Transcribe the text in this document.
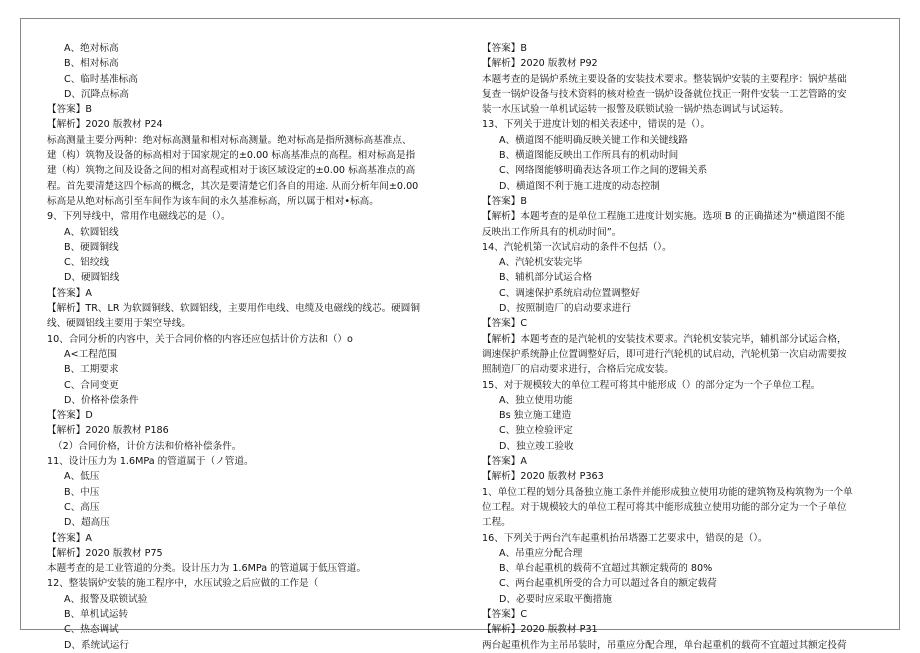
A、绝对标高
B、相对标高
C、临时基准标高
D、沉降点标高
【答案】B
【解析】2020 版教材 P24
标高测量主要分两种：绝对标高测量和相对标高测量。绝对标高是指所测标高基准点、
建（构）筑物及设备的标高相对于国家规定的±0.00 标高基准点的高程。相对标高是指
建（构）筑物之间及设备之间的相对高程或相对于该区域设定的±0.00 标高基准点的高
程。首先要清楚这四个标高的概念，其次是要清楚它们各自的用途. 从而分析年间±0.00
标高是从绝对标高引至车间作为该车间的永久基准标高，所以属于相对•标高。
9、下列导线中，常用作电磁线芯的是（）。
A、软圆铝线
B、硬圆铜线
C、铝绞线
D、硬圆铝线
【答案】A
【解析】TR、LR 为软圆铜线、软圆铝线，主要用作电线、电缆及电磁线的线芯。硬圆铜
线、硬圆铝线主要用于架空导线。
10、合同分析的内容中，关于合同价格的内容还应包括计价方法和（）o
A<工程范围
B、工期要求
C、合同变更
D、价格补偿条件
【答案】D
【解析】2020 版教材 P186
（2）合同价格，计价方法和价格补偿条件。
11、设计压力为 1.6MPa 的管道属于（ノ管道。
A、低压
B、中压
C、高压
D、超高压
【答案】A
【解析】2020 版教材 P75
本题考查的是工业管道的分类。设计压力为 1.6MPa 的管道属于低压管道。
12、整装锅炉安装的施工程序中，水压试验之后应做的工作是（
A、报警及联锁试验
B、单机试运转
C、热态调试
D、系统试运行
【答案】B
【解析】2020 版教材 P92
本题考查的是锅炉系统主要设备的安装技术要求。整装锅炉安装的主要程序：锅炉基础
复查一锅炉设备与技术资料的核对检查一锅炉设备就位找正一附件安装一工艺管路的安
装一水压试验一单机试运转一报警及联锁试验一锅炉热态调试与试运转。
13、下列关于进度计划的相关表述中，错误的是（）。
A、横道图不能明确反映关键工作和关键线路
B、横道图能反映出工作所具有的机动时间
C、网络图能够明确表达各项工作之间的逻辑关系
D、横道图不利于施工进度的动态控制
【答案】B
【解析】本题考查的是单位工程施工进度计划实施。选项 B 的正确描述为“横道图不能
反映出工作所具有的机动时间”。
14、汽轮机第一次试启动的条件不包括（）。
A、汽轮机安装完毕
B、辅机部分试运合格
C、调速保护系统启动位置调整好
D、按照制造厂的启动要求进行
【答案】C
【解析】本题考查的是汽轮机的安装技术要求。汽轮机安装完毕，辅机部分试运合格，
调速保护系统静止位置调整好后，即可进行汽轮机的试启动，汽轮机第一次启动需要按
照制造厂的启动要求进行，合格后完成安装。
15、对于规模较大的单位工程可将其中能形成（）的部分定为一个子单位工程。
A、独立使用功能
Bs 独立施工建造
C、独立检验评定
D、独立竣工验收
【答案】A
【解析】2020 版教材 P363
1、单位工程的划分具备独立施工条件并能形成独立使用功能的建筑物及构筑物为一个单
位工程。对于规模较大的单位工程可将其中能形成独立使用功能的部分定为一个子单位
工程。
16、下列关于两台汽车起重机抬吊塔器工艺要求中，错误的是（）。
A、吊重应分配合理
B、单台起重机的载荷不宜超过其额定载荷的 80%
C、两台起重机所受的合力可以超过各自的额定载荷
D、必要时应采取平衡措施
【答案】C
【解析】2020 版教材 P31
两台起重机作为主吊吊装时，吊重应分配合理，单台起重机的载荷不宜超过其额定投荷
